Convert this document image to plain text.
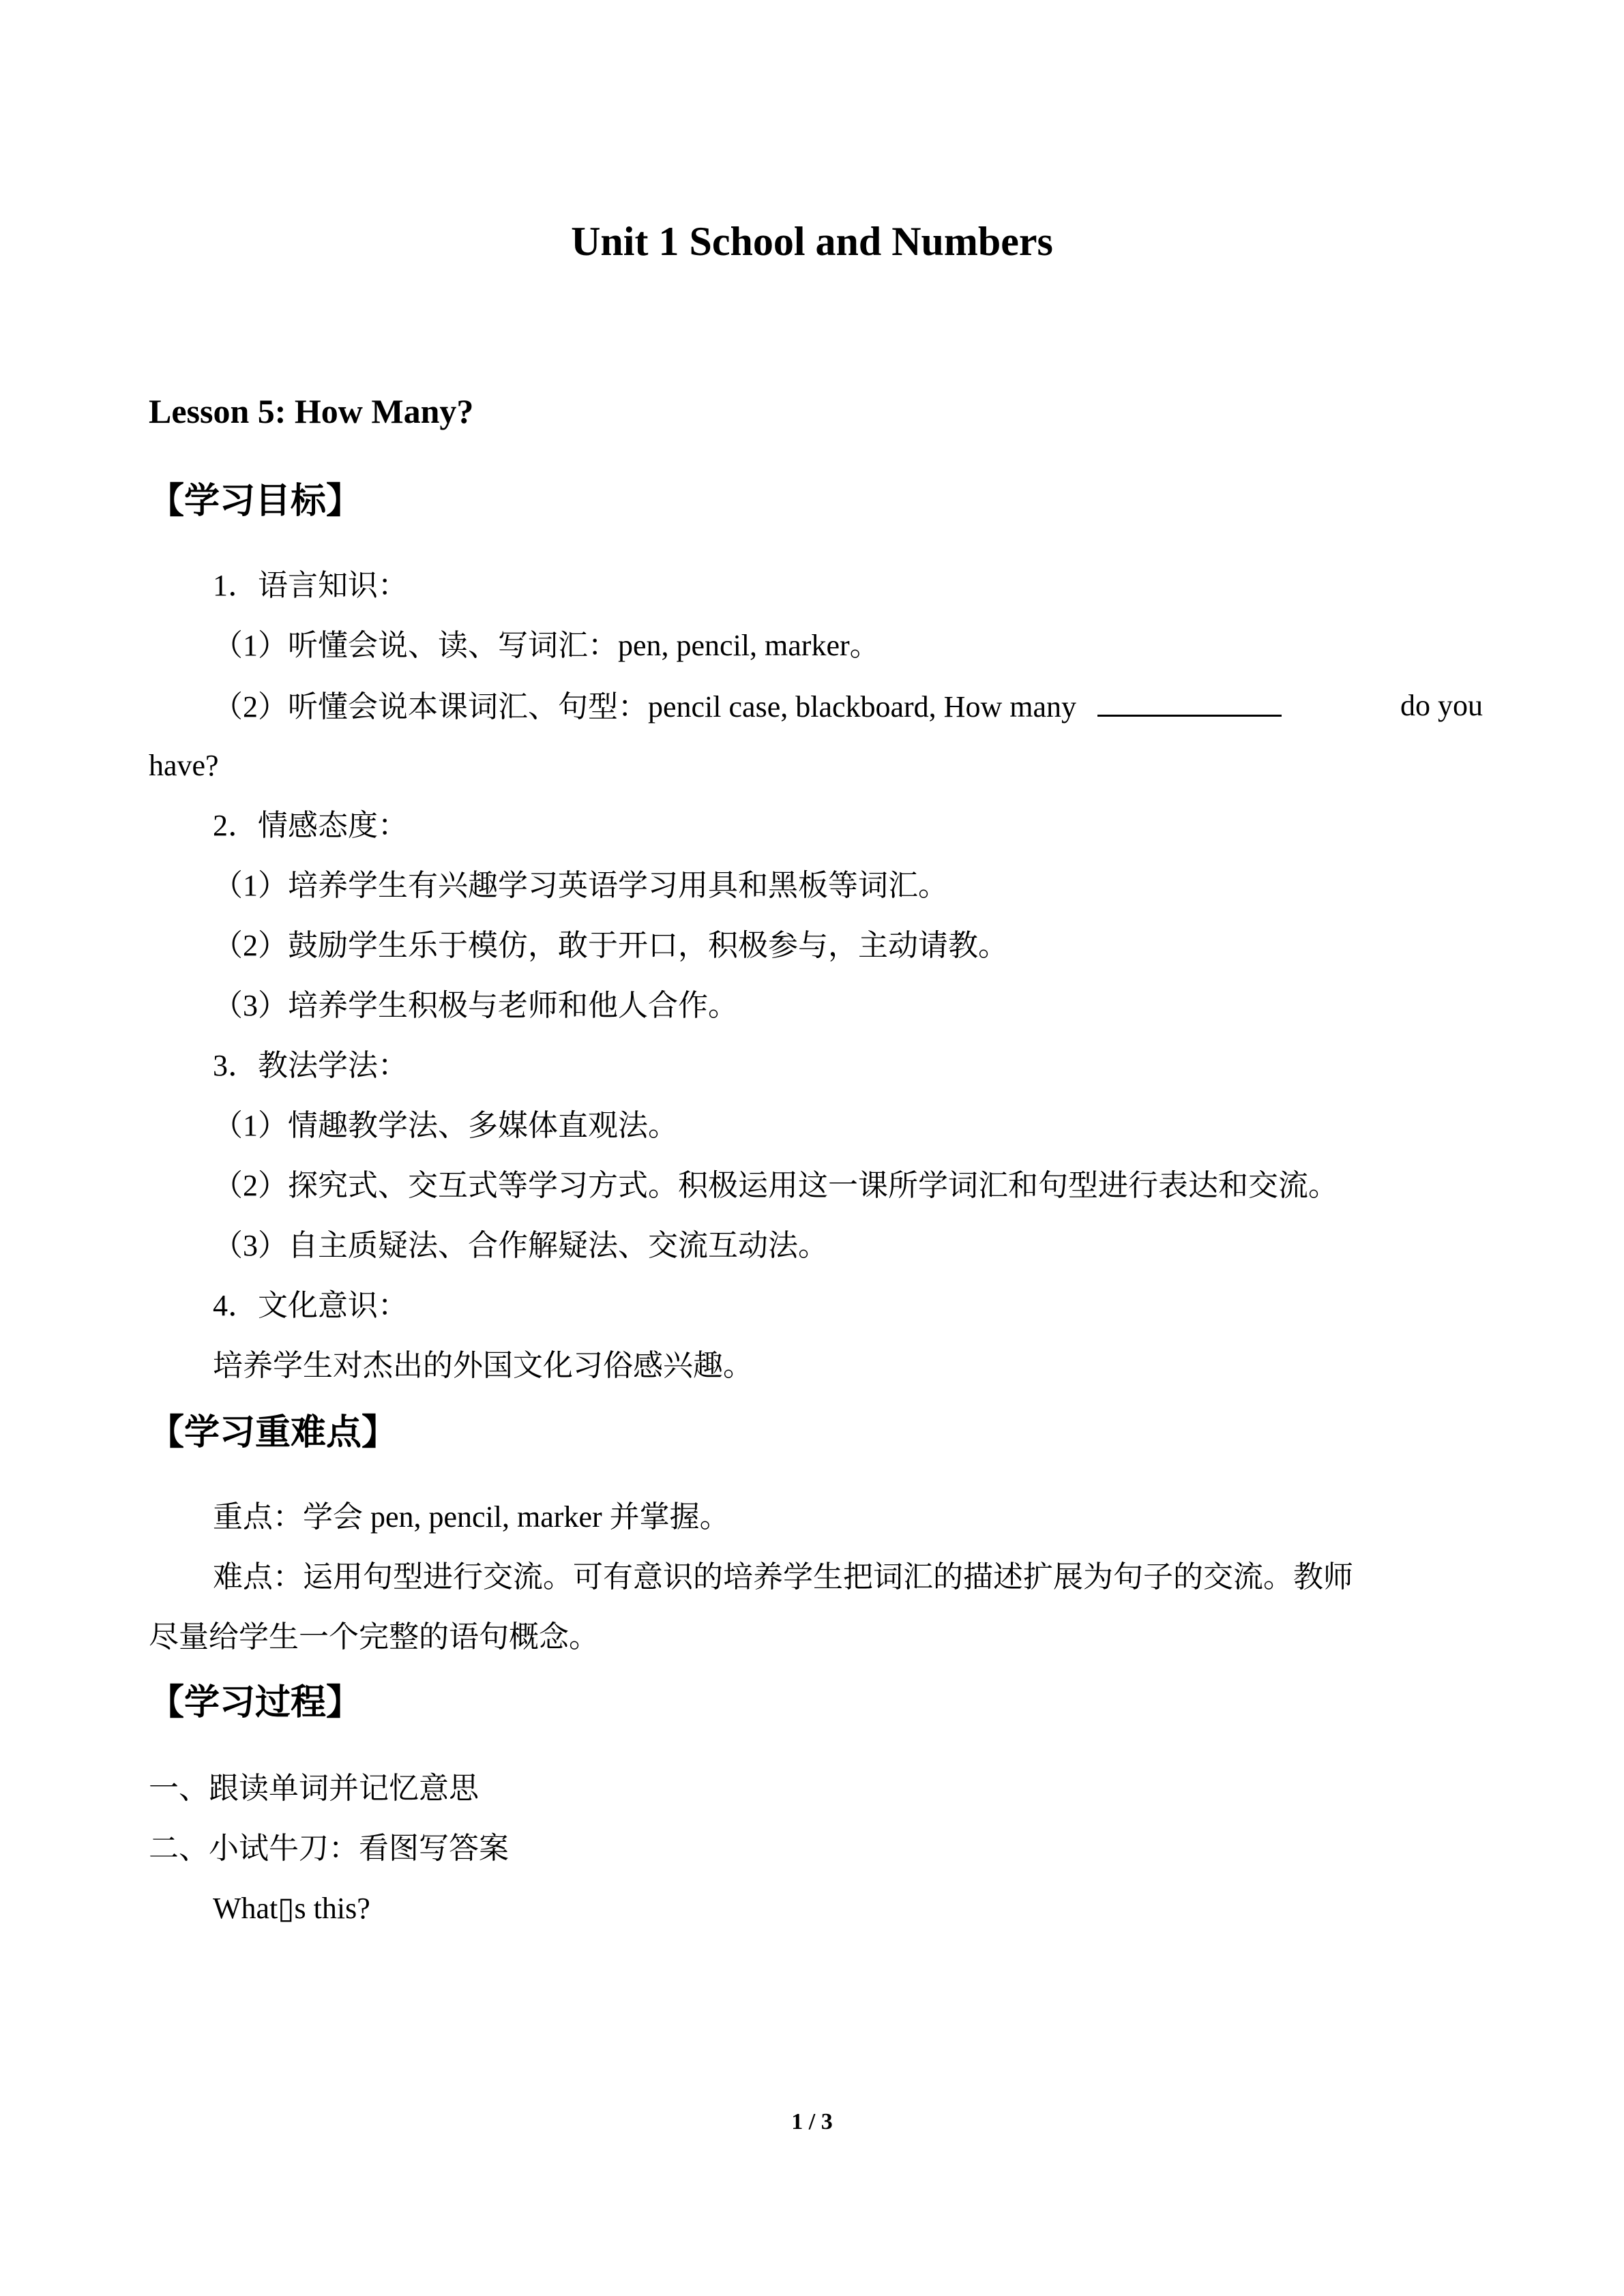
Unit 1 School and Numbers
Lesson 5: How Many?
【学习目标】
1．语言知识：
（1）听懂会说、读、写词汇：pen, pencil, marker。
（2）听懂会说本课词汇、句型：pencil case, blackboard, How many	do you
have?
2．情感态度：
（1）培养学生有兴趣学习英语学习用具和黑板等词汇。
（2）鼓励学生乐于模仿，敢于开口，积极参与，主动请教。
（3）培养学生积极与老师和他人合作。
3．教法学法：
（1）情趣教学法、多媒体直观法。
（2）探究式、交互式等学习方式。积极运用这一课所学词汇和句型进行表达和交流。
（3）自主质疑法、合作解疑法、交流互动法。
4．文化意识：
培养学生对杰出的外国文化习俗感兴趣。
【学习重难点】
重点：学会 pen, pencil, marker 并掌握。
难点：运用句型进行交流。可有意识的培养学生把词汇的描述扩展为句子的交流。教师
尽量给学生一个完整的语句概念。
【学习过程】
一、跟读单词并记忆意思
二、小试牛刀：看图写答案
What▯s this?
1 / 3
